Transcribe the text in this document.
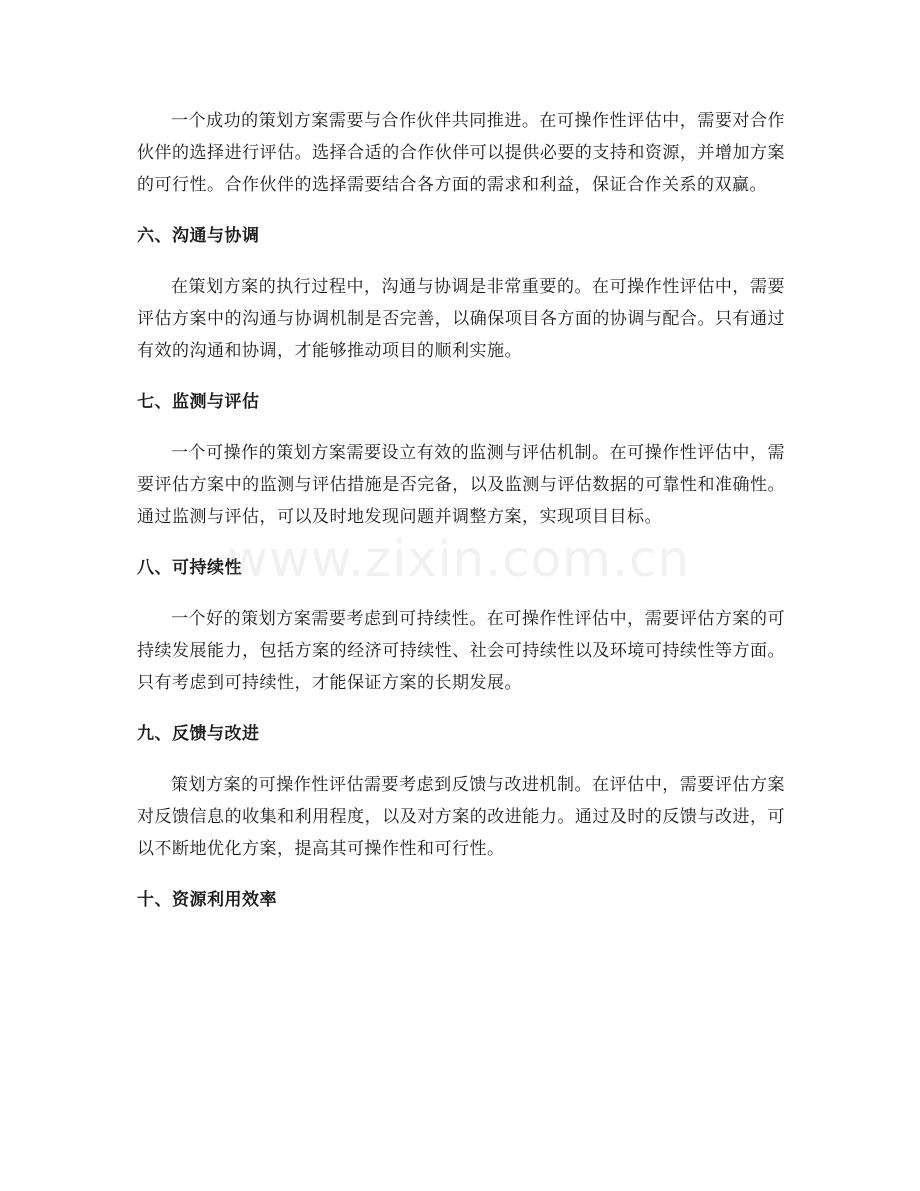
一个成功的策划方案需要与合作伙伴共同推进。在可操作性评估中，需要对合作伙伴的选择进行评估。选择合适的合作伙伴可以提供必要的支持和资源，并增加方案的可行性。合作伙伴的选择需要结合各方面的需求和利益，保证合作关系的双赢。

六、沟通与协调

在策划方案的执行过程中，沟通与协调是非常重要的。在可操作性评估中，需要评估方案中的沟通与协调机制是否完善，以确保项目各方面的协调与配合。只有通过有效的沟通和协调，才能够推动项目的顺利实施。

七、监测与评估

一个可操作的策划方案需要设立有效的监测与评估机制。在可操作性评估中，需要评估方案中的监测与评估措施是否完备，以及监测与评估数据的可靠性和准确性。通过监测与评估，可以及时地发现问题并调整方案，实现项目目标。

八、可持续性

一个好的策划方案需要考虑到可持续性。在可操作性评估中，需要评估方案的可持续发展能力，包括方案的经济可持续性、社会可持续性以及环境可持续性等方面。只有考虑到可持续性，才能保证方案的长期发展。

九、反馈与改进

策划方案的可操作性评估需要考虑到反馈与改进机制。在评估中，需要评估方案对反馈信息的收集和利用程度，以及对方案的改进能力。通过及时的反馈与改进，可以不断地优化方案，提高其可操作性和可行性。

十、资源利用效率
www.zixin.com.cn
